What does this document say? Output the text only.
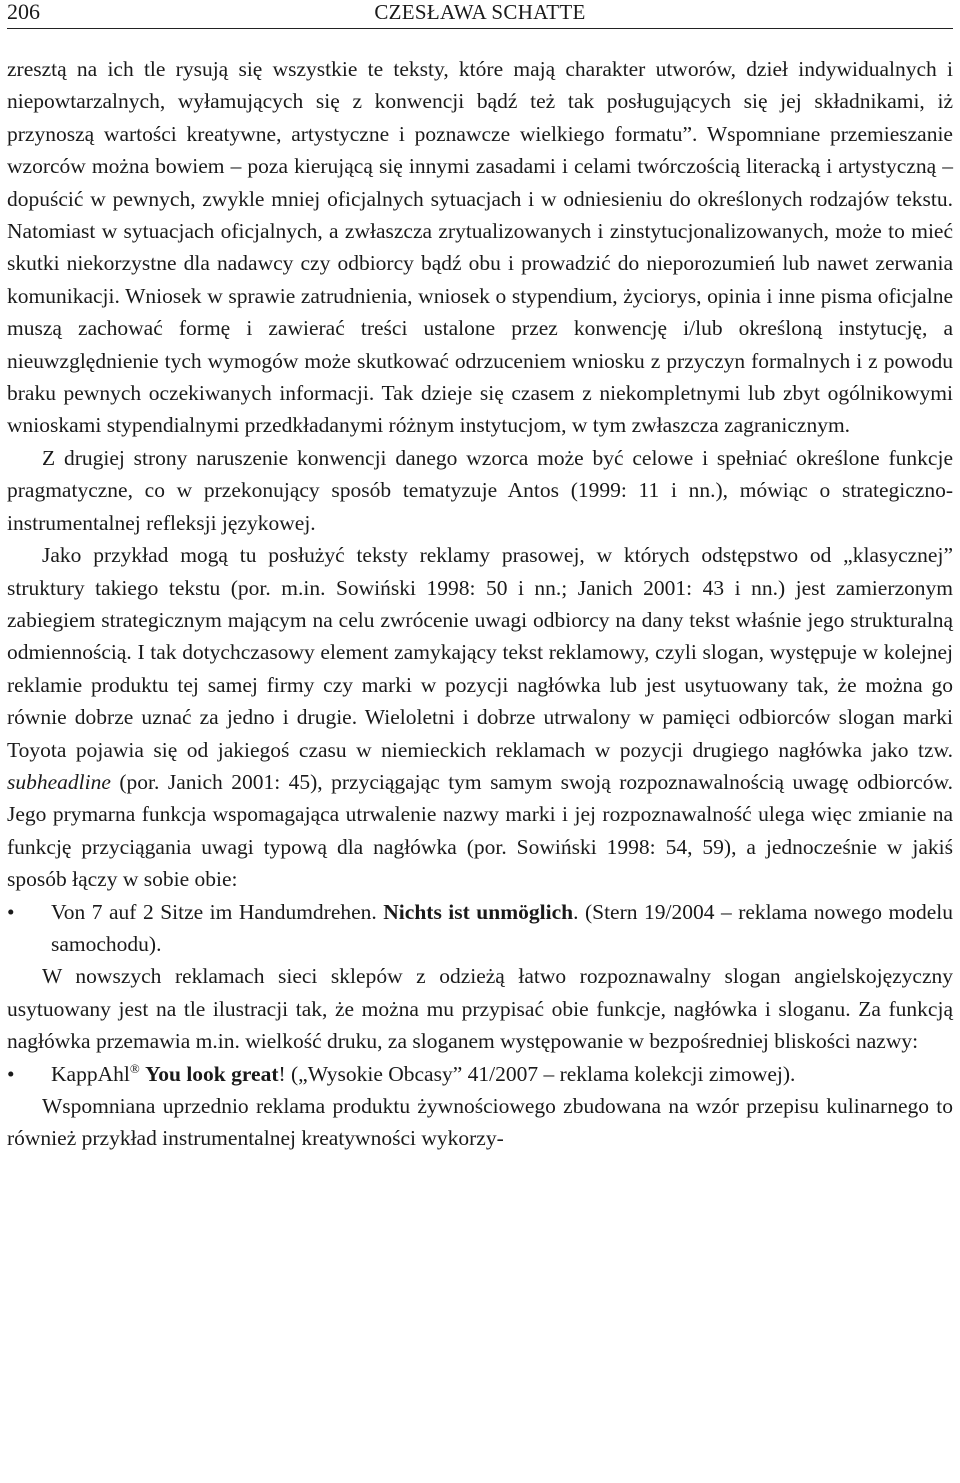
206	CZESŁAWA SCHATTE

zresztą na ich tle rysują się wszystkie te teksty, które mają charakter utworów, dzieł indywidualnych i niepowtarzalnych, wyłamujących się z konwencji bądź też tak posługujących się jej składnikami, iż przynoszą wartości kreatywne, artystyczne i poznawcze wielkiego formatu”. Wspomniane przemieszanie wzorców można bowiem – poza kierującą się innymi zasadami i celami twórczością literacką i artystyczną – dopuścić w pewnych, zwykle mniej oficjalnych sytuacjach i w odniesieniu do określonych rodzajów tekstu. Natomiast w sytuacjach oficjalnych, a zwłaszcza zrytualizowanych i zinstytucjonalizowanych, może to mieć skutki niekorzystne dla nadawcy czy odbiorcy bądź obu i prowadzić do nieporozumień lub nawet zerwania komunikacji. Wniosek w sprawie zatrudnienia, wniosek o stypendium, życiorys, opinia i inne pisma oficjalne muszą zachować formę i zawierać treści ustalone przez konwencję i/lub określoną instytucję, a nieuwzględnienie tych wymogów może skutkować odrzuceniem wniosku z przyczyn formalnych i z powodu braku pewnych oczekiwanych informacji. Tak dzieje się czasem z niekompletnymi lub zbyt ogólnikowymi wnioskami stypendialnymi przedkładanymi różnym instytucjom, w tym zwłaszcza zagranicznym.

Z drugiej strony naruszenie konwencji danego wzorca może być celowe i spełniać określone funkcje pragmatyczne, co w przekonujący sposób tematyzuje Antos (1999: 11 i nn.), mówiąc o strategiczno-instrumentalnej refleksji językowej.

Jako przykład mogą tu posłużyć teksty reklamy prasowej, w których odstępstwo od „klasycznej” struktury takiego tekstu (por. m.in. Sowiński 1998: 50 i nn.; Janich 2001: 43 i nn.) jest zamierzonym zabiegiem strategicznym mającym na celu zwrócenie uwagi odbiorcy na dany tekst właśnie jego strukturalną odmiennością. I tak dotychczasowy element zamykający tekst reklamowy, czyli slogan, występuje w kolejnej reklamie produktu tej samej firmy czy marki w pozycji nagłówka lub jest usytuowany tak, że można go równie dobrze uznać za jedno i drugie. Wieloletni i dobrze utrwalony w pamięci odbiorców slogan marki Toyota pojawia się od jakiegoś czasu w niemieckich reklamach w pozycji drugiego nagłówka jako tzw. subheadline (por. Janich 2001: 45), przyciągając tym samym swoją rozpoznawalnością uwagę odbiorców. Jego prymarna funkcja wspomagająca utrwalenie nazwy marki i jej rozpoznawalność ulega więc zmianie na funkcję przyciągania uwagi typową dla nagłówka (por. Sowiński 1998: 54, 59), a jednocześnie w jakiś sposób łączy w sobie obie:

• Von 7 auf 2 Sitze im Handumdrehen. Nichts ist unmöglich. (Stern 19/2004 – reklama nowego modelu samochodu).

W nowszych reklamach sieci sklepów z odzieżą łatwo rozpoznawalny slogan angielskojęzyczny usytuowany jest na tle ilustracji tak, że można mu przypisać obie funkcje, nagłówka i sloganu. Za funkcją nagłówka przemawia m.in. wielkość druku, za sloganem występowanie w bezpośredniej bliskości nazwy:

• KappAhl® You look great! („Wysokie Obcasy” 41/2007 – reklama kolekcji zimowej).

Wspomniana uprzednio reklama produktu żywnościowego zbudowana na wzór przepisu kulinarnego to również przykład instrumentalnej kreatywności wykorzy-
